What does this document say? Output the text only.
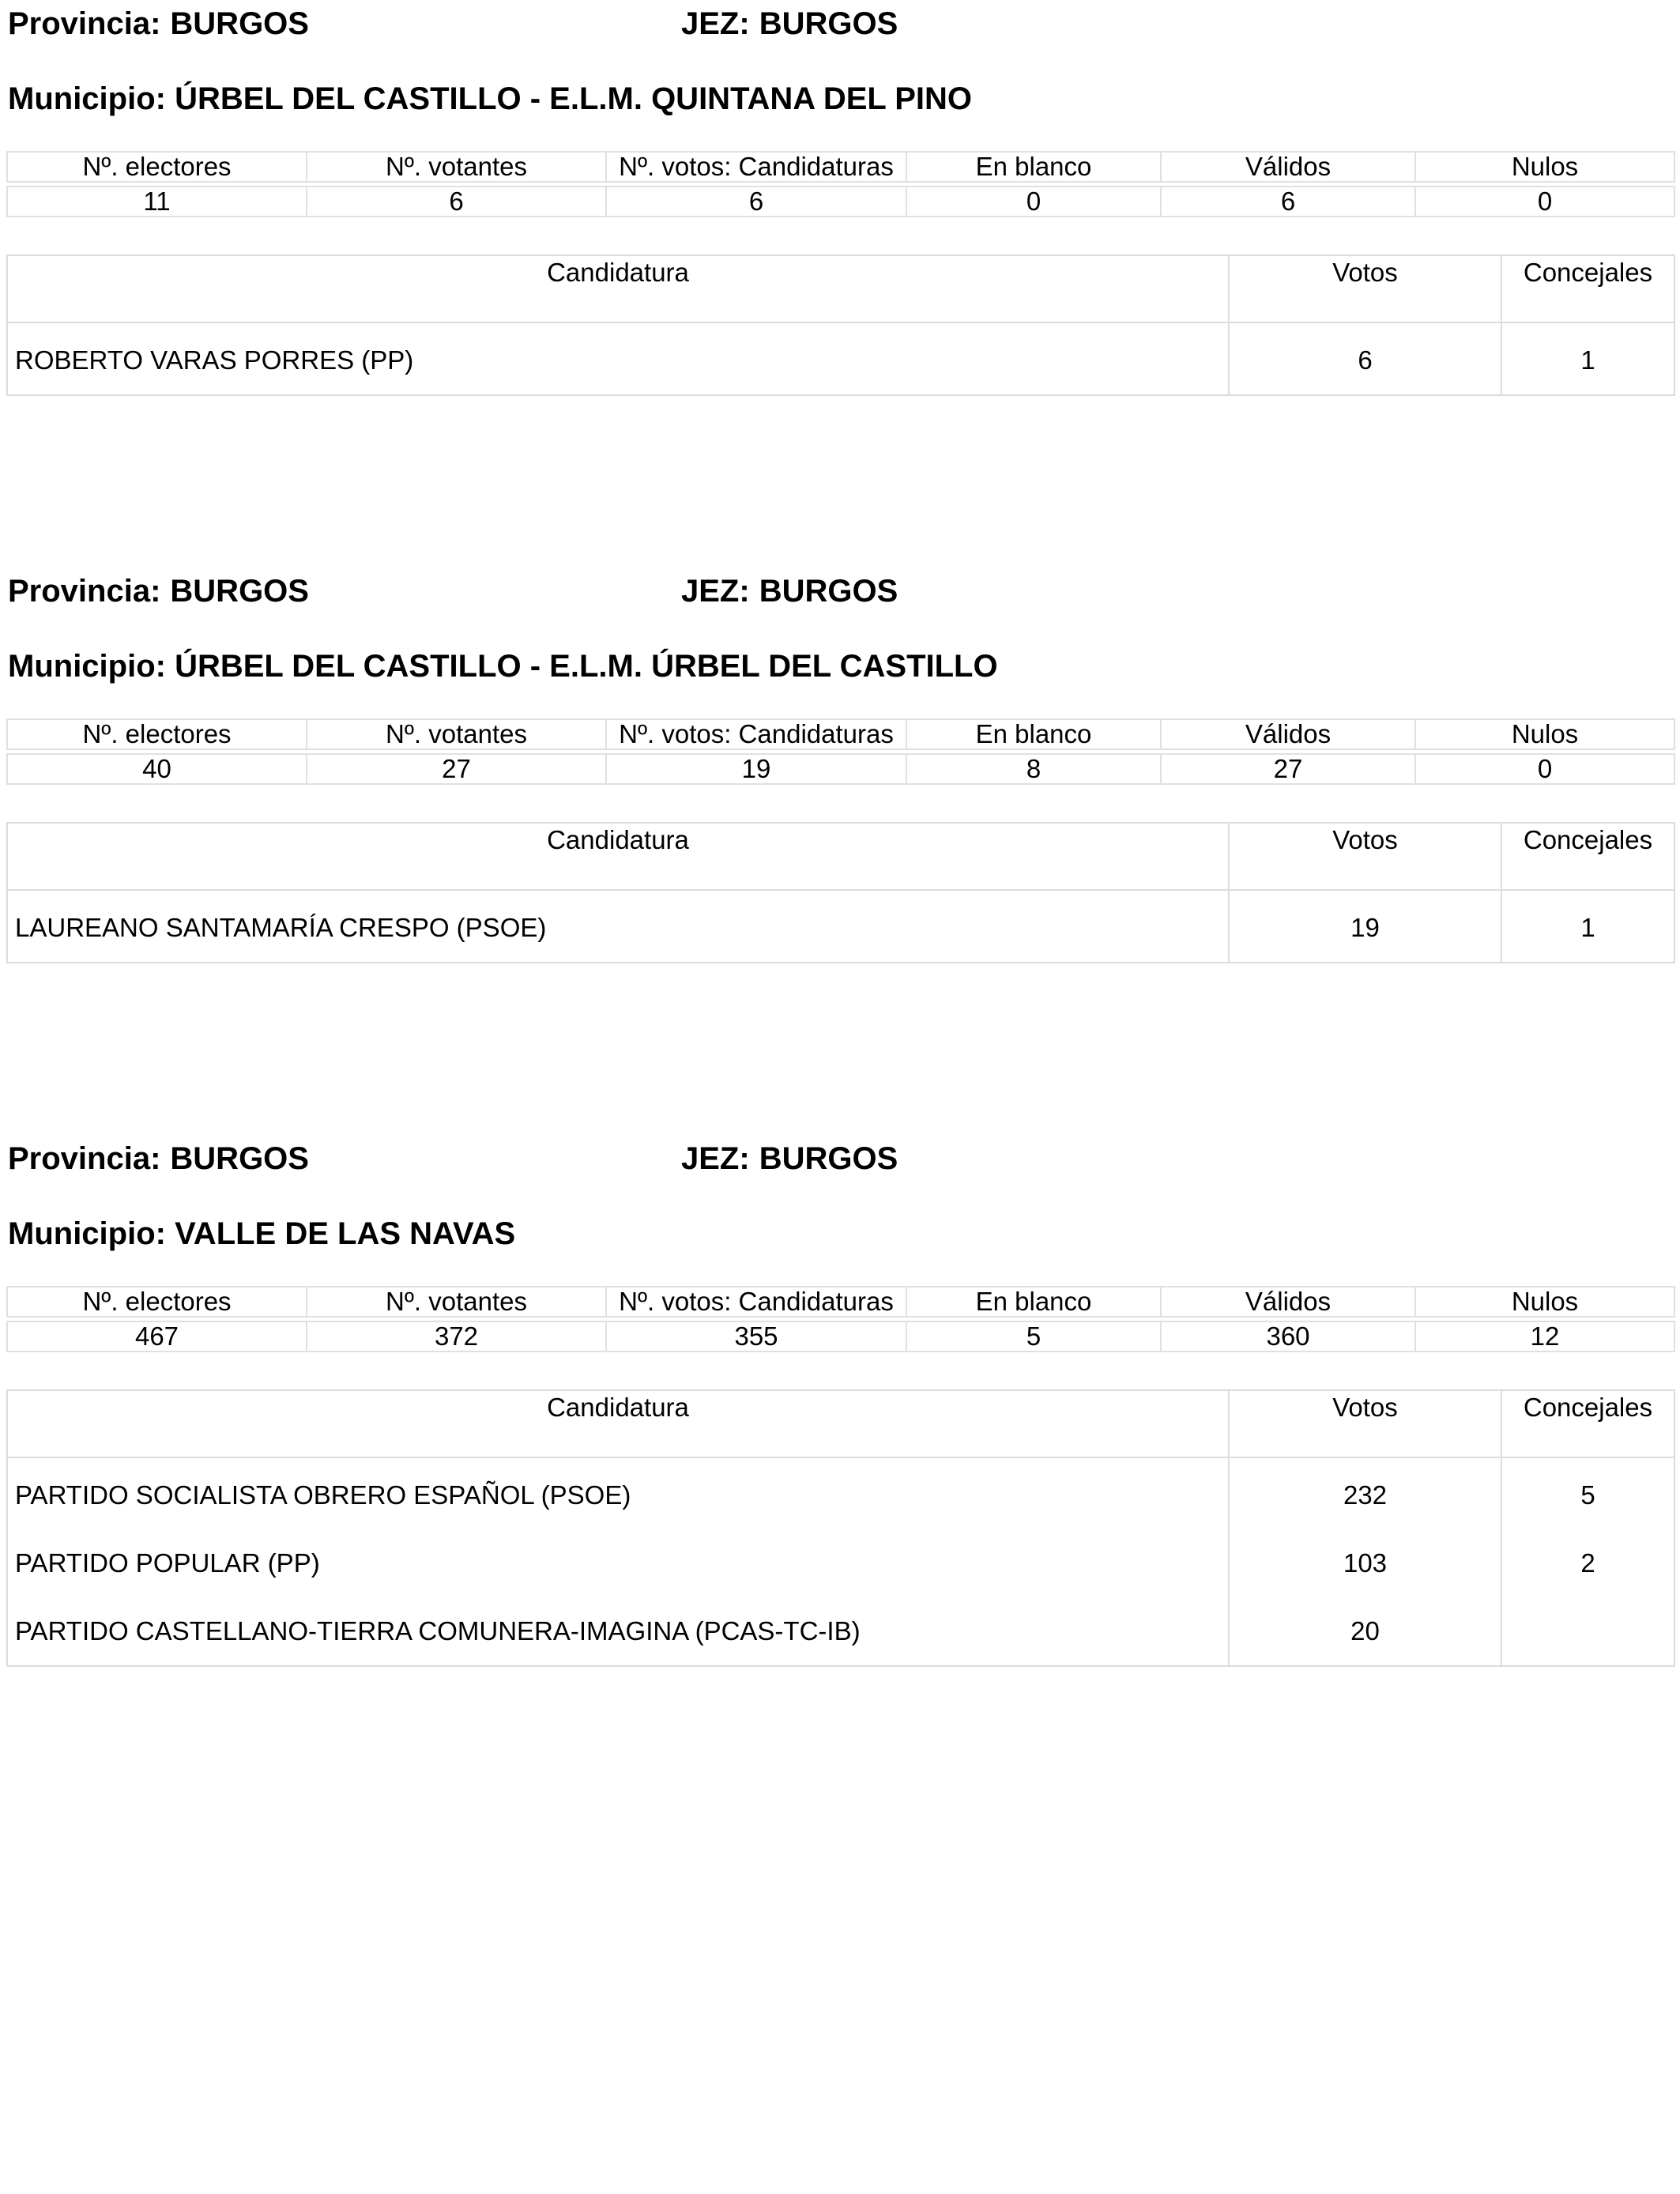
Provincia: BURGOS	JEZ: BURGOS
Municipio: ÚRBEL DEL CASTILLO - E.L.M. QUINTANA DEL PINO
Nº. electores	Nº. votantes	Nº. votos: Candidaturas	En blanco	Válidos	Nulos

11	6	6	0	6	0
Candidatura	Votos	Concejales
ROBERTO VARAS PORRES (PP)	6	1
Provincia: BURGOS	JEZ: BURGOS
Municipio: ÚRBEL DEL CASTILLO - E.L.M. ÚRBEL DEL CASTILLO
Nº. electores	Nº. votantes	Nº. votos: Candidaturas	En blanco	Válidos	Nulos

40	27	19	8	27	0
Candidatura	Votos	Concejales
LAUREANO SANTAMARÍA CRESPO (PSOE)	19	1
Provincia: BURGOS	JEZ: BURGOS
Municipio: VALLE DE LAS NAVAS
Nº. electores	Nº. votantes	Nº. votos: Candidaturas	En blanco	Válidos	Nulos

467	372	355	5	360	12
Candidatura	Votos	Concejales
PARTIDO SOCIALISTA OBRERO ESPAÑOL (PSOE)	232	5
PARTIDO POPULAR (PP)	103	2
PARTIDO CASTELLANO-TIERRA COMUNERA-IMAGINA (PCAS-TC-IB)	20	
